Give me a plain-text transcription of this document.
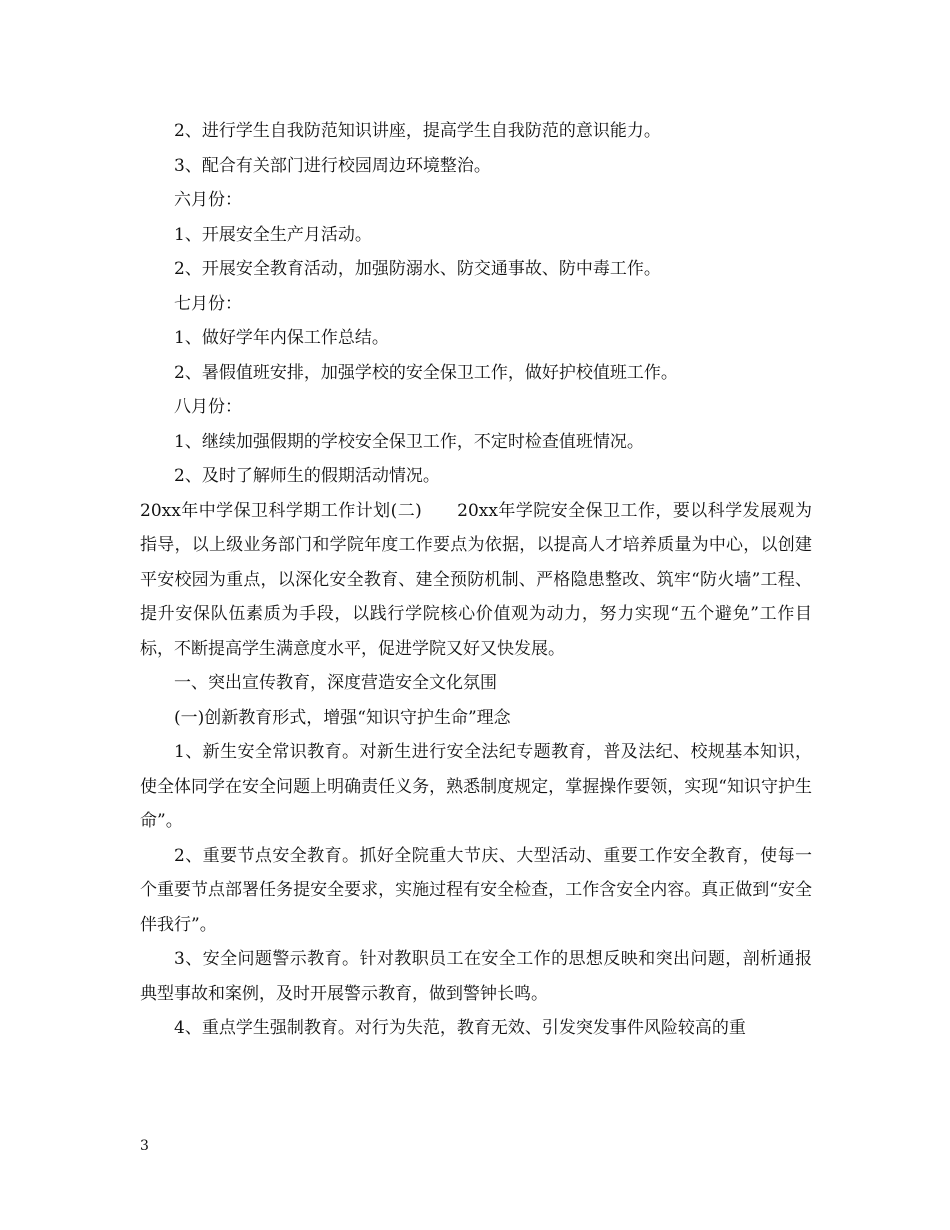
2、进行学生自我防范知识讲座，提高学生自我防范的意识能力。

3、配合有关部门进行校园周边环境整治。

六月份：

1、开展安全生产月活动。

2、开展安全教育活动，加强防溺水、防交通事故、防中毒工作。

七月份：

1、做好学年内保工作总结。

2、暑假值班安排，加强学校的安全保卫工作，做好护校值班工作。

八月份：

1、继续加强假期的学校安全保卫工作，不定时检查值班情况。

2、及时了解师生的假期活动情况。

20xx年中学保卫科学期工作计划(二)　　20xx年学院安全保卫工作，要以科学发展观为指导，以上级业务部门和学院年度工作要点为依据，以提高人才培养质量为中心，以创建平安校园为重点，以深化安全教育、建全预防机制、严格隐患整改、筑牢“防火墙”工程、提升安保队伍素质为手段，以践行学院核心价值观为动力，努力实现“五个避免”工作目标，不断提高学生满意度水平，促进学院又好又快发展。

一、突出宣传教育，深度营造安全文化氛围

(一)创新教育形式，增强“知识守护生命”理念

1、新生安全常识教育。对新生进行安全法纪专题教育，普及法纪、校规基本知识，使全体同学在安全问题上明确责任义务，熟悉制度规定，掌握操作要领，实现“知识守护生命”。

2、重要节点安全教育。抓好全院重大节庆、大型活动、重要工作安全教育，使每一个重要节点部署任务提安全要求，实施过程有安全检查，工作含安全内容。真正做到“安全伴我行”。

3、安全问题警示教育。针对教职员工在安全工作的思想反映和突出问题，剖析通报典型事故和案例，及时开展警示教育，做到警钟长鸣。

4、重点学生强制教育。对行为失范，教育无效、引发突发事件风险较高的重

3
